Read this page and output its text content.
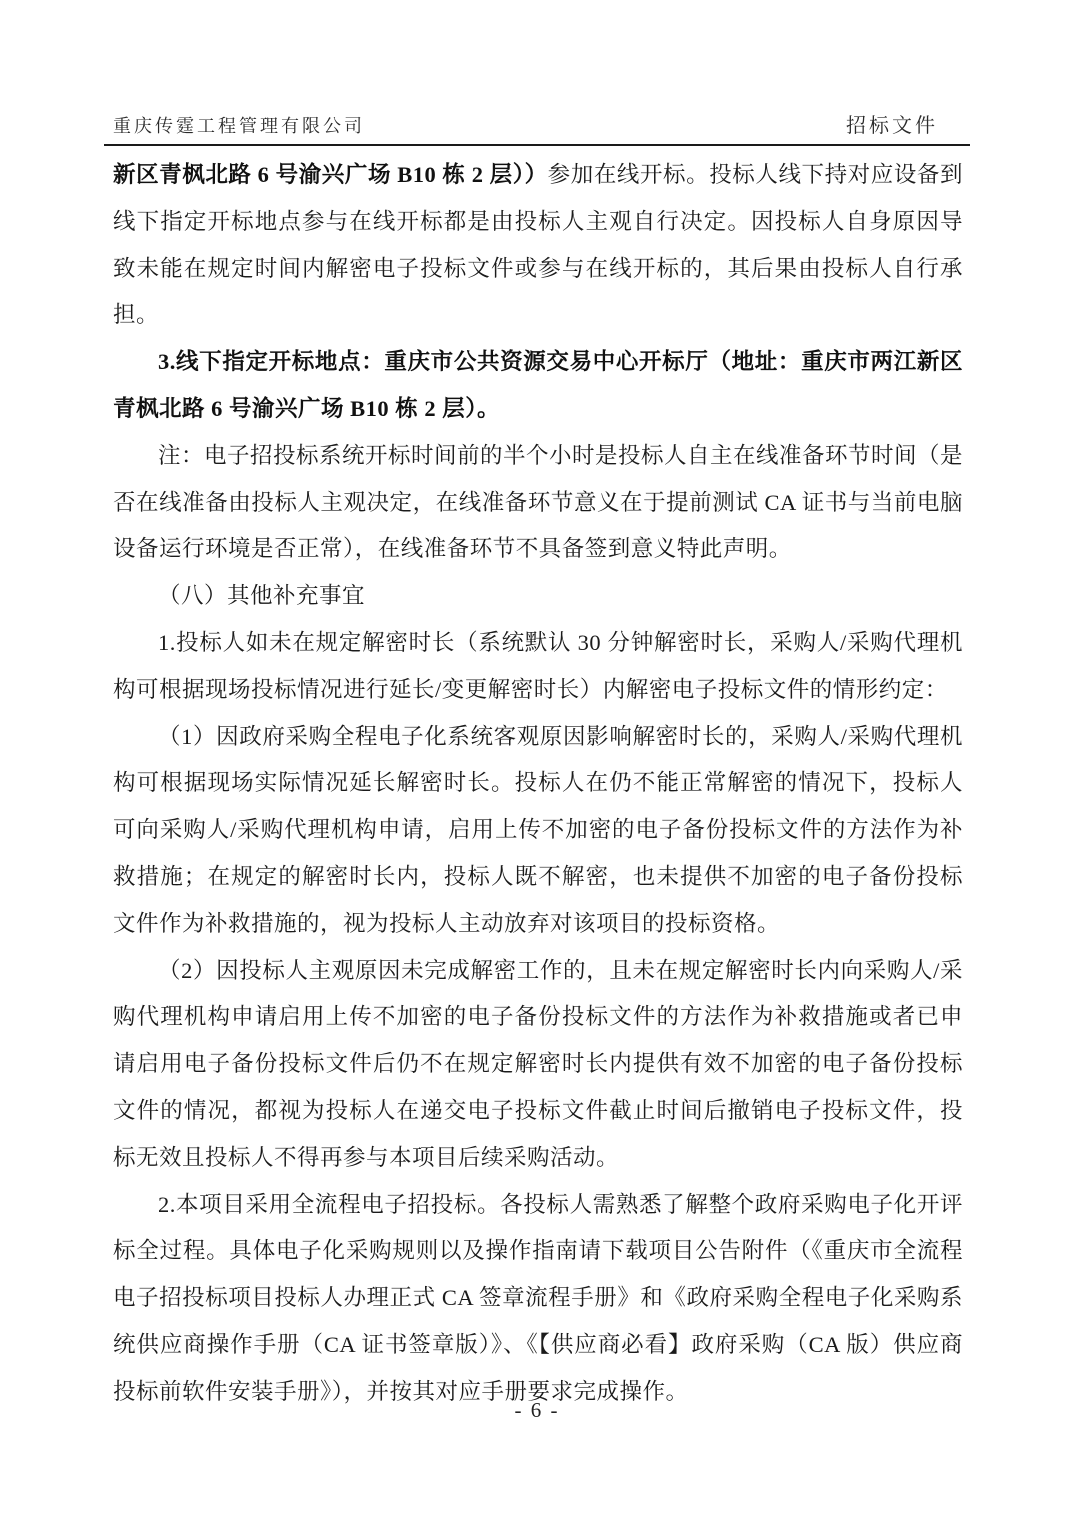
重庆传霆工程管理有限公司	招标文件

新区青枫北路 6 号渝兴广场 B10 栋 2 层））参加在线开标。投标人线下持对应设备到线下指定开标地点参与在线开标都是由投标人主观自行决定。因投标人自身原因导致未能在规定时间内解密电子投标文件或参与在线开标的，其后果由投标人自行承担。

3.线下指定开标地点：重庆市公共资源交易中心开标厅（地址：重庆市两江新区青枫北路 6 号渝兴广场 B10 栋 2 层）。

注：电子招投标系统开标时间前的半个小时是投标人自主在线准备环节时间（是否在线准备由投标人主观决定，在线准备环节意义在于提前测试 CA 证书与当前电脑设备运行环境是否正常），在线准备环节不具备签到意义特此声明。

（八）其他补充事宜

1.投标人如未在规定解密时长（系统默认 30 分钟解密时长，采购人/采购代理机构可根据现场投标情况进行延长/变更解密时长）内解密电子投标文件的情形约定：

（1）因政府采购全程电子化系统客观原因影响解密时长的，采购人/采购代理机构可根据现场实际情况延长解密时长。投标人在仍不能正常解密的情况下，投标人可向采购人/采购代理机构申请，启用上传不加密的电子备份投标文件的方法作为补救措施；在规定的解密时长内，投标人既不解密，也未提供不加密的电子备份投标文件作为补救措施的，视为投标人主动放弃对该项目的投标资格。

（2）因投标人主观原因未完成解密工作的，且未在规定解密时长内向采购人/采购代理机构申请启用上传不加密的电子备份投标文件的方法作为补救措施或者已申请启用电子备份投标文件后仍不在规定解密时长内提供有效不加密的电子备份投标文件的情况，都视为投标人在递交电子投标文件截止时间后撤销电子投标文件，投标无效且投标人不得再参与本项目后续采购活动。

2.本项目采用全流程电子招投标。各投标人需熟悉了解整个政府采购电子化开评标全过程。具体电子化采购规则以及操作指南请下载项目公告附件（《重庆市全流程电子招投标项目投标人办理正式 CA 签章流程手册》和《政府采购全程电子化采购系统供应商操作手册（CA 证书签章版）》、《【供应商必看】政府采购（CA 版）供应商投标前软件安装手册》），并按其对应手册要求完成操作。

- 6 -
